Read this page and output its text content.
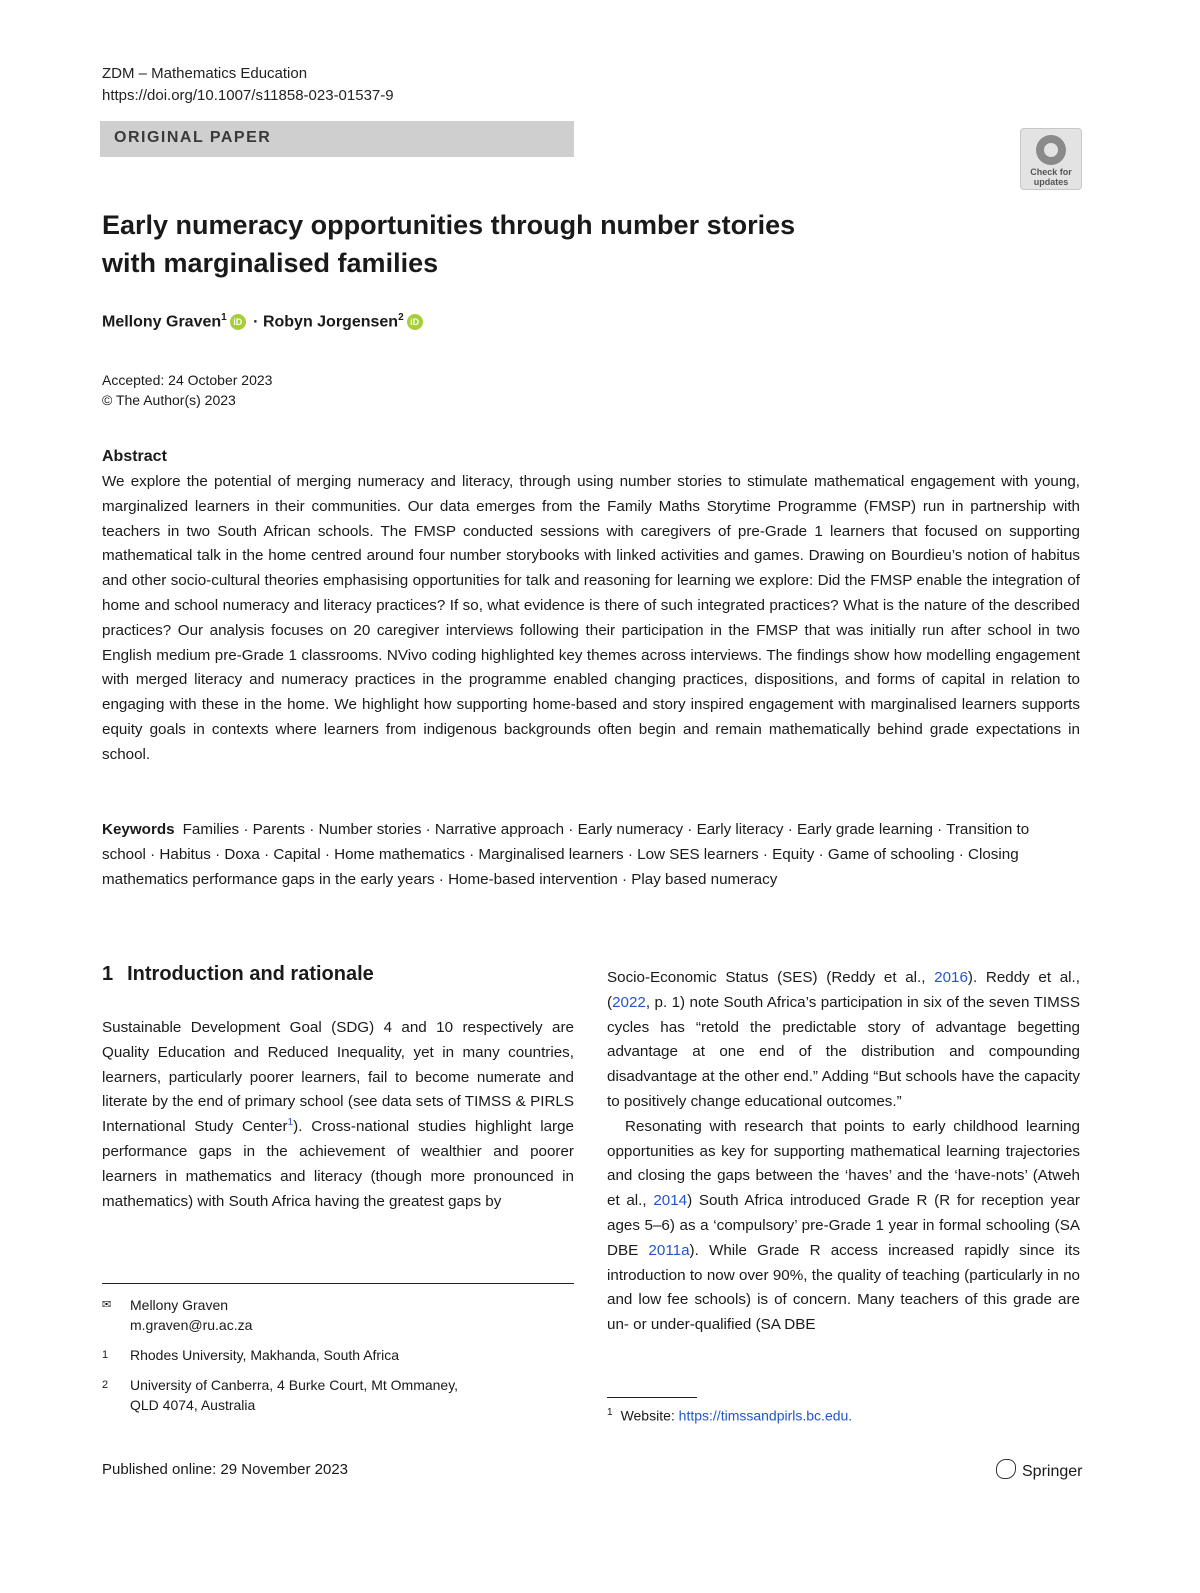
ZDM – Mathematics Education
https://doi.org/10.1007/s11858-023-01537-9
ORIGINAL PAPER
Check for updates
Early numeracy opportunities through number stories
with marginalised families
Mellony Graven$^1$ iD · Robyn Jorgensen$^2$ iD
Accepted: 24 October 2023
© The Author(s) 2023
Abstract
We explore the potential of merging numeracy and literacy, through using number stories to stimulate mathematical engagement with young, marginalized learners in their communities. Our data emerges from the Family Maths Storytime Programme (FMSP) run in partnership with teachers in two South African schools. The FMSP conducted sessions with caregivers of pre-Grade 1 learners that focused on supporting mathematical talk in the home centred around four number storybooks with linked activities and games. Drawing on Bourdieu’s notion of habitus and other socio-cultural theories emphasising opportunities for talk and reasoning for learning we explore: Did the FMSP enable the integration of home and school numeracy and literacy practices? If so, what evidence is there of such integrated practices? What is the nature of the described practices? Our analysis focuses on 20 caregiver interviews following their participation in the FMSP that was initially run after school in two English medium pre-Grade 1 classrooms. NVivo coding highlighted key themes across interviews. The findings show how modelling engagement with merged literacy and numeracy practices in the programme enabled changing practices, dispositions, and forms of capital in relation to engaging with these in the home. We highlight how supporting home-based and story inspired engagement with marginalised learners supports equity goals in contexts where learners from indigenous backgrounds often begin and remain mathematically behind grade expectations in school.
Keywords Families · Parents · Number stories · Narrative approach · Early numeracy · Early literacy · Early grade learning · Transition to school · Habitus · Doxa · Capital · Home mathematics · Marginalised learners · Low SES learners · Equity · Game of schooling · Closing mathematics performance gaps in the early years · Home-based intervention · Play based numeracy
1 Introduction and rationale

Sustainable Development Goal (SDG) 4 and 10 respectively are Quality Education and Reduced Inequality, yet in many countries, learners, particularly poorer learners, fail to become numerate and literate by the end of primary school (see data sets of TIMSS & PIRLS International Study Center$^1$). Cross-national studies highlight large performance gaps in the achievement of wealthier and poorer learners in mathematics and literacy (though more pronounced in mathematics) with South Africa having the greatest gaps by

Socio-Economic Status (SES) (Reddy et al., 2016). Reddy et al., (2022, p. 1) note South Africa’s participation in six of the seven TIMSS cycles has “retold the predictable story of advantage begetting advantage at one end of the distribution and compounding disadvantage at the other end.” Adding “But schools have the capacity to positively change educational outcomes.”

Resonating with research that points to early childhood learning opportunities as key for supporting mathematical learning trajectories and closing the gaps between the ‘haves’ and the ‘have-nots’ (Atweh et al., 2014) South Africa introduced Grade R (R for reception year ages 5–6) as a ‘compulsory’ pre-Grade 1 year in formal schooling (SA DBE 2011a). While Grade R access increased rapidly since its introduction to now over 90%, the quality of teaching (particularly in no and low fee schools) is of concern. Many teachers of this grade are un- or under-qualified (SA DBE

✉ Mellony Graven
m.graven@ru.ac.za
1 Rhodes University, Makhanda, South Africa
2 University of Canberra, 4 Burke Court, Mt Ommaney,
QLD 4074, Australia	$^1$ Website: https://timssandpirls.bc.edu.
Published online: 29 November 2023	Springer
